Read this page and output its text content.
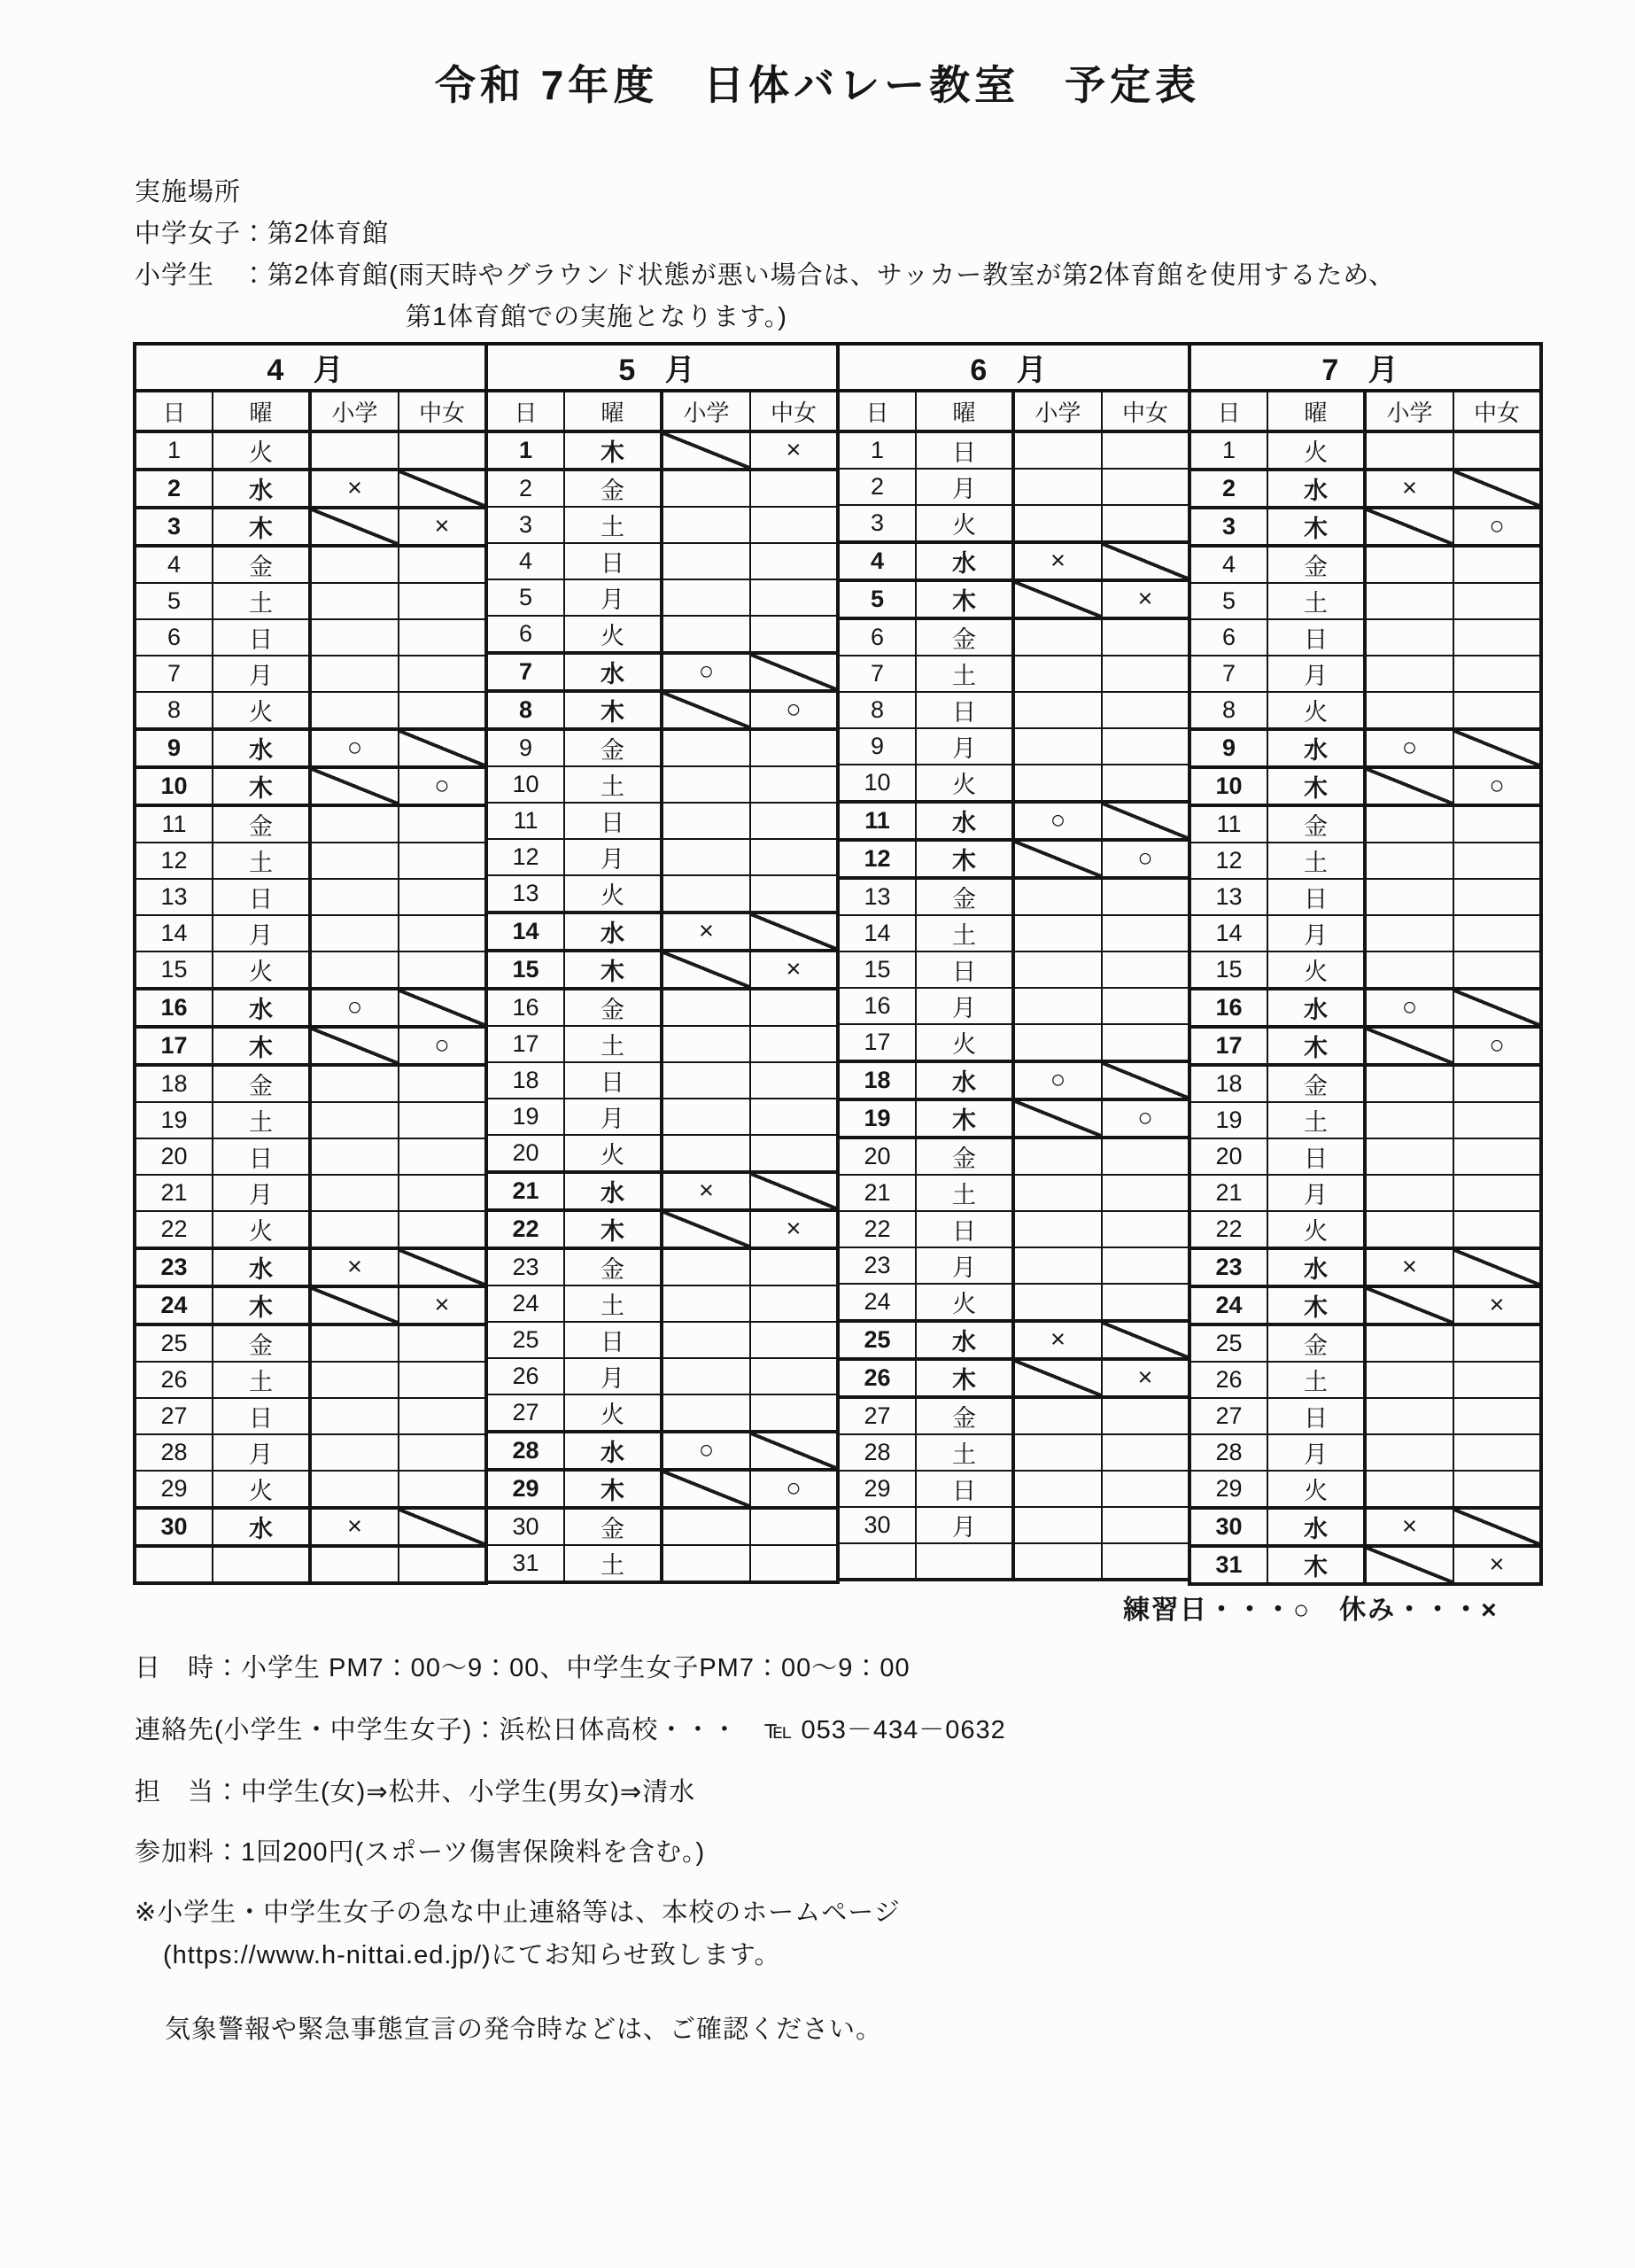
令和 7年度　日体バレー教室　予定表
実施場所
中学女子：第2体育館
小学生　：第2体育館(雨天時やグラウンド状態が悪い場合は、サッカー教室が第2体育館を使用するため、
第1体育館での実施となります。)
4 月			
日	曜	小学	中女
1	火		
2	水	×	
3	木		×
4	金		
5	土		
6	日		
7	月		
8	火		
9	水	○	
10	木		○
11	金		
12	土		
13	日		
14	月		
15	火		
16	水	○	
17	木		○
18	金		
19	土		
20	日		
21	月		
22	火		
23	水	×	
24	木		×
25	金		
26	土		
27	日		
28	月		
29	火		
30	水	×	

5 月			
日	曜	小学	中女
1	木		×
2	金		
3	土		
4	日		
5	月		
6	火		
7	水	○	
8	木		○
9	金		
10	土		
11	日		
12	月		
13	火		
14	水	×	
15	木		×
16	金		
17	土		
18	日		
19	月		
20	火		
21	水	×	
22	木		×
23	金		
24	土		
25	日		
26	月		
27	火		
28	水	○	
29	木		○
30	金		
31	土		
6 月			
日	曜	小学	中女
1	日		
2	月		
3	火		
4	水	×	
5	木		×
6	金		
7	土		
8	日		
9	月		
10	火		
11	水	○	
12	木		○
13	金		
14	土		
15	日		
16	月		
17	火		
18	水	○	
19	木		○
20	金		
21	土		
22	日		
23	月		
24	火		
25	水	×	
26	木		×
27	金		
28	土		
29	日		
30	月		

7 月			
日	曜	小学	中女
1	火		
2	水	×	
3	木		○
4	金		
5	土		
6	日		
7	月		
8	火		
9	水	○	
10	木		○
11	金		
12	土		
13	日		
14	月		
15	火		
16	水	○	
17	木		○
18	金		
19	土		
20	日		
21	月		
22	火		
23	水	×	
24	木		×
25	金		
26	土		
27	日		
28	月		
29	火		
30	水	×	
31	木		×
練習日・・・○　休み・・・×
日　時：小学生 PM7：00～9：00、中学生女子PM7：00～9：00
連絡先(小学生・中学生女子)：浜松日体高校・・・　℡ 053－434－0632
担　当：中学生(女)⇒松井、小学生(男女)⇒清水
参加料：1回200円(スポーツ傷害保険料を含む。)
※小学生・中学生女子の急な中止連絡等は、本校のホームページ
(https://www.h-nittai.ed.jp/)にてお知らせ致します。
気象警報や緊急事態宣言の発令時などは、ご確認ください。
